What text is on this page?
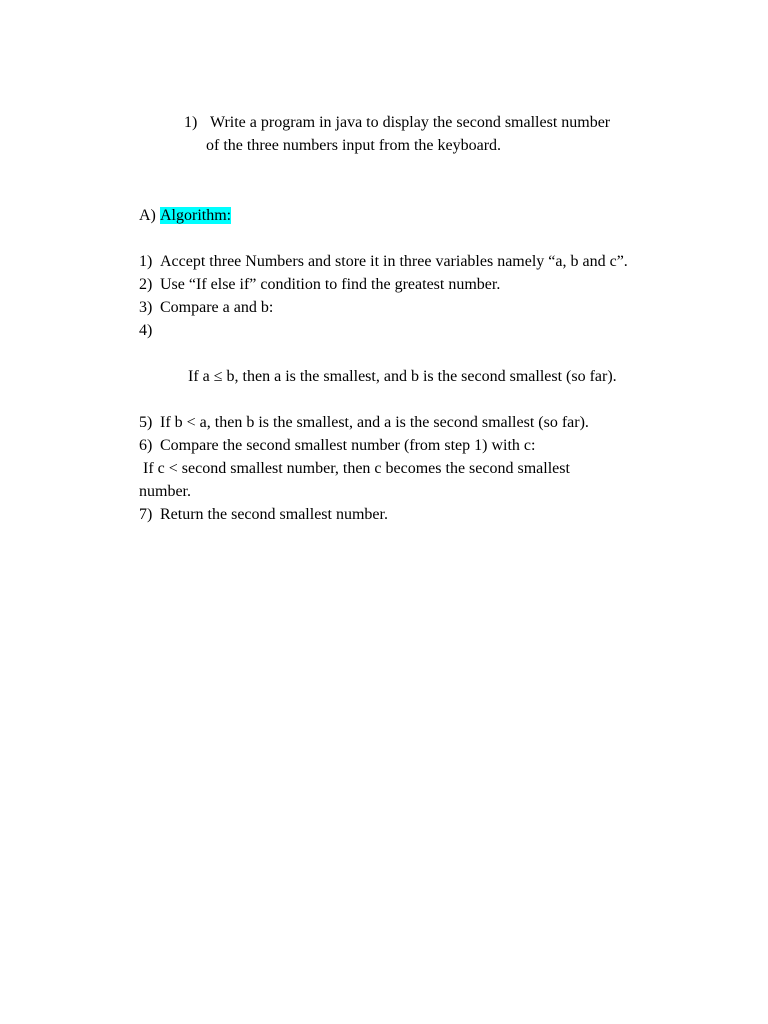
1) Write a program in java to display the second smallest number of the three numbers input from the keyboard.
A) Algorithm:
1) Accept three Numbers and store it in three variables namely “a, b and c”.
2) Use “If else if” condition to find the greatest number.
3) Compare a and b:

4)

If a ≤ b, then a is the smallest, and b is the second smallest (so far).

5) If b < a, then b is the smallest, and a is the second smallest (so far).
6) Compare the second smallest number (from step 1) with c:
If c < second smallest number, then c becomes the second smallest number.
7) Return the second smallest number.
